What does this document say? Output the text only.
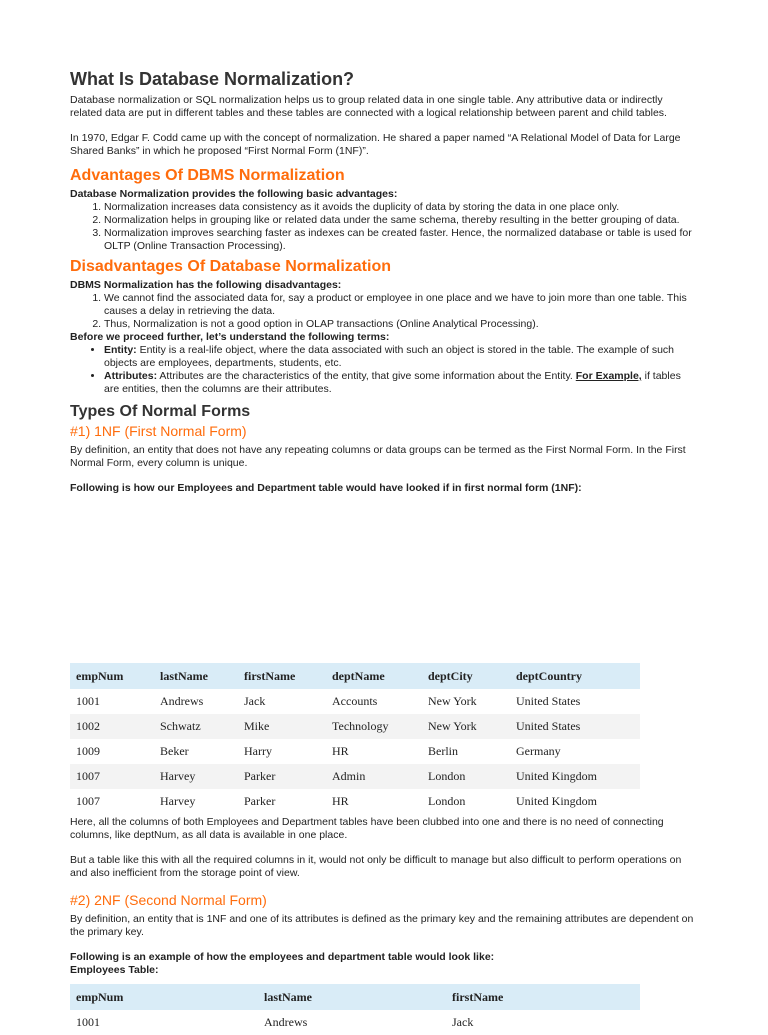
What Is Database Normalization?

Database normalization or SQL normalization helps us to group related data in one single table. Any attributive data or indirectly related data are put in different tables and these tables are connected with a logical relationship between parent and child tables.

In 1970, Edgar F. Codd came up with the concept of normalization. He shared a paper named “A Relational Model of Data for Large Shared Banks” in which he proposed “First Normal Form (1NF)”.

Advantages Of DBMS Normalization

Database Normalization provides the following basic advantages:

1. Normalization increases data consistency as it avoids the duplicity of data by storing the data in one place only.
2. Normalization helps in grouping like or related data under the same schema, thereby resulting in the better grouping of data.
3. Normalization improves searching faster as indexes can be created faster. Hence, the normalized database or table is used for OLTP (Online Transaction Processing).
Disadvantages Of Database Normalization

DBMS Normalization has the following disadvantages:

1. We cannot find the associated data for, say a product or employee in one place and we have to join more than one table. This causes a delay in retrieving the data.
2. Thus, Normalization is not a good option in OLAP transactions (Online Analytical Processing).

Before we proceed further, let’s understand the following terms:

• Entity: Entity is a real-life object, where the data associated with such an object is stored in the table. The example of such objects are employees, departments, students, etc.
• Attributes: Attributes are the characteristics of the entity, that give some information about the Entity. For Example, if tables are entities, then the columns are their attributes.
Types Of Normal Forms
#1) 1NF (First Normal Form)

By definition, an entity that does not have any repeating columns or data groups can be termed as the First Normal Form. In the First Normal Form, every column is unique.

Following is how our Employees and Department table would have looked if in first normal form (1NF):

empNum	lastName	firstName	deptName	deptCity	deptCountry
1001	Andrews	Jack	Accounts	New York	United States
1002	Schwatz	Mike	Technology	New York	United States
1009	Beker	Harry	HR	Berlin	Germany
1007	Harvey	Parker	Admin	London	United Kingdom
1007	Harvey	Parker	HR	London	United Kingdom

Here, all the columns of both Employees and Department tables have been clubbed into one and there is no need of connecting columns, like deptNum, as all data is available in one place.

But a table like this with all the required columns in it, would not only be difficult to manage but also difficult to perform operations on and also inefficient from the storage point of view.

#2) 2NF (Second Normal Form)

By definition, an entity that is 1NF and one of its attributes is defined as the primary key and the remaining attributes are dependent on the primary key.

Following is an example of how the employees and department table would look like:

Employees Table:

empNum	lastName	firstName
1001	Andrews	Jack
